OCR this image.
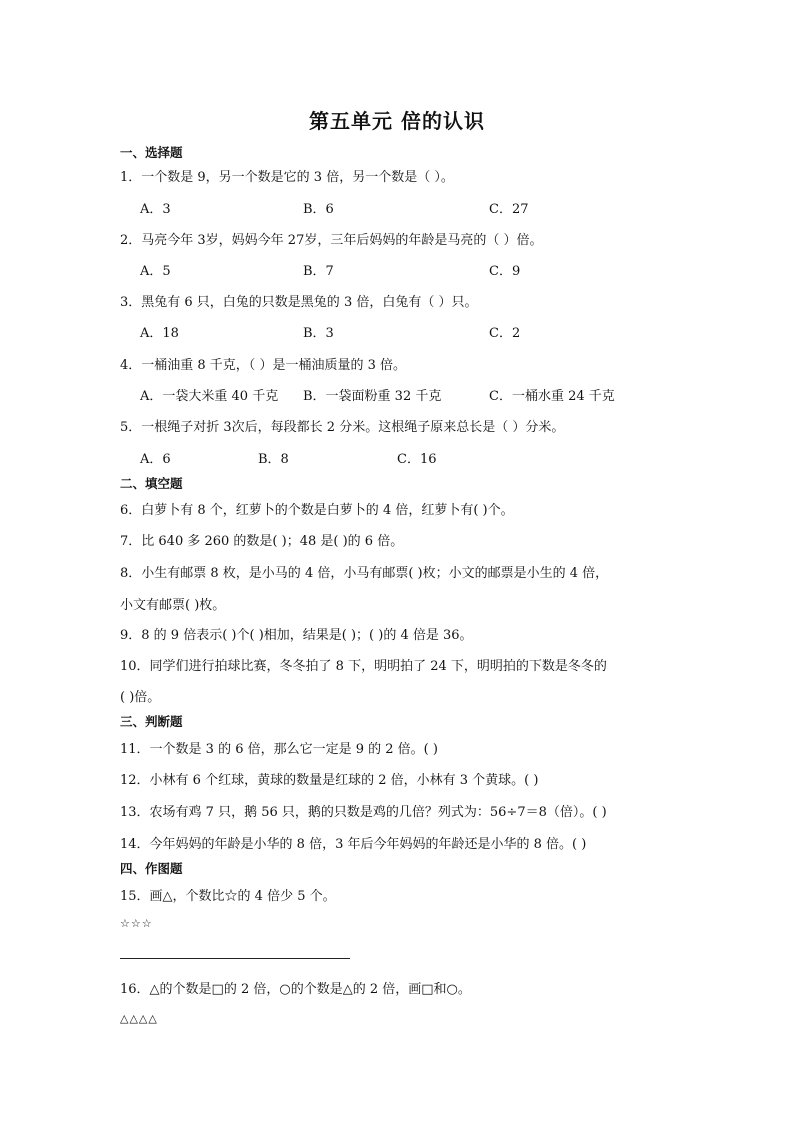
第五单元 倍的认识
一、选择题
1．一个数是 9，另一个数是它的 3 倍，另一个数是（ ）。
A．3	B．6	C．27
2．马亮今年 3岁，妈妈今年 27岁，三年后妈妈的年龄是马亮的（ ）倍。
A．5	B．7	C．9
3．黑兔有 6 只，白兔的只数是黑兔的 3 倍，白兔有（ ）只。
A．18	B．3	C．2
4．一桶油重 8 千克，（ ）是一桶油质量的 3 倍。
A．一袋大米重 40 千克 B．一袋面粉重 32 千克	C．一桶水重 24 千克
5．一根绳子对折 3次后，每段都长 2 分米。这根绳子原来总长是（ ）分米。
A．6	B．8	C．16
二、填空题
6．白萝卜有 8 个，红萝卜的个数是白萝卜的 4 倍，红萝卜有( )个。
7．比 640 多 260 的数是( )；48 是( )的 6 倍。
8．小生有邮票 8 枚，是小马的 4 倍，小马有邮票( )枚；小文的邮票是小生的 4 倍，
小文有邮票( )枚。
9．8 的 9 倍表示( )个( )相加，结果是( )；( )的 4 倍是 36。
10．同学们进行拍球比赛，冬冬拍了 8 下，明明拍了 24 下，明明拍的下数是冬冬的
( )倍。
三、判断题
11．一个数是 3 的 6 倍，那么它一定是 9 的 2 倍。( )
12．小林有 6 个红球，黄球的数量是红球的 2 倍，小林有 3 个黄球。( )
13．农场有鸡 7 只，鹅 56 只，鹅的只数是鸡的几倍？列式为：56÷7＝8（倍）。( )
14．今年妈妈的年龄是小华的 8 倍，3 年后今年妈妈的年龄还是小华的 8 倍。( )
四、作图题
15．画△，个数比☆的 4 倍少 5 个。
☆☆☆
16．△的个数是□的 2 倍，○的个数是△的 2 倍，画□和○。
△△△△
